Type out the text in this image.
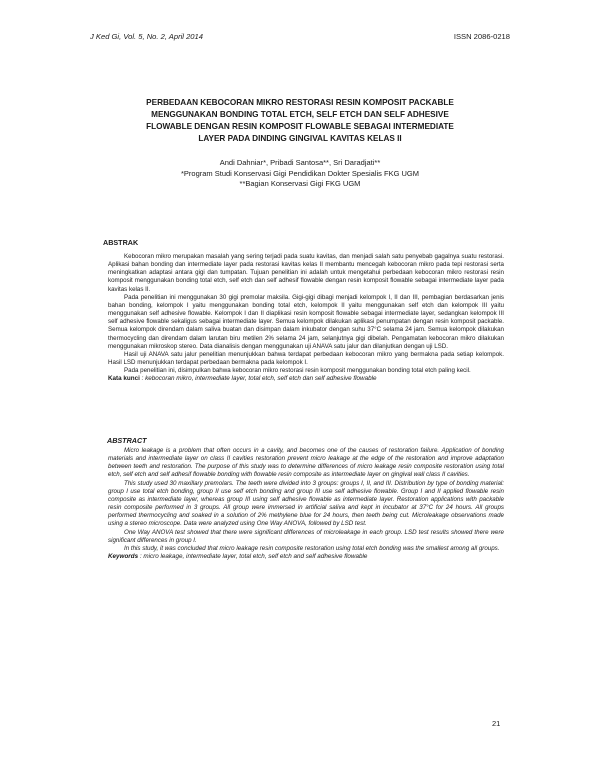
J Ked Gi, Vol. 5, No. 2, April 2014	ISSN 2086-0218
PERBEDAAN KEBOCORAN MIKRO RESTORASI RESIN KOMPOSIT PACKABLE
MENGGUNAKAN BONDING TOTAL ETCH, SELF ETCH DAN SELF ADHESIVE
FLOWABLE DENGAN RESIN KOMPOSIT FLOWABLE SEBAGAI INTERMEDIATE
LAYER PADA DINDING GINGIVAL KAVITAS KELAS II
Andi Dahniar*, Pribadi Santosa**, Sri Daradjati**
*Program Studi Konservasi Gigi Pendidikan Dokter Spesialis FKG UGM
**Bagian Konservasi Gigi FKG UGM
ABSTRAK

Kebocoran mikro merupakan masalah yang sering terjadi pada suatu kavitas, dan menjadi salah satu penyebab gagalnya suatu restorasi. Aplikasi bahan bonding dan intermediate layer pada restorasi kavitas kelas II membantu mencegah kebocoran mikro pada tepi restorasi serta meningkatkan adaptasi antara gigi dan tumpatan. Tujuan penelitian ini adalah untuk mengetahui perbedaan kebocoran mikro restorasi resin komposit menggunakan bonding total etch, self etch dan self adhesif flowable dengan resin komposit flowable sebagai intermediate layer pada kavitas kelas II.

Pada penelitian ini menggunakan 30 gigi premolar maksila. Gigi-gigi dibagi menjadi kelompok I, II dan III, pembagian berdasarkan jenis bahan bonding, kelompok I yaitu menggunakan bonding total etch, kelompok II yaitu menggunakan self etch dan kelompok III yaitu menggunakan self adhesive flowable. Kelompok I dan II diaplikasi resin komposit flowable sebagai intermediate layer, sedangkan kelompok III self adhesive flowable sekaligus sebagai intermediate layer. Semua kelompok dilakukan aplikasi penumpatan dengan resin komposit packable. Semua kelompok direndam dalam saliva buatan dan disimpan dalam inkubator dengan suhu 37°C selama 24 jam. Semua kelompok dilakukan thermocycling dan direndam dalam larutan biru metilen 2% selama 24 jam, selanjutnya gigi dibelah. Pengamatan kebocoran mikro dilakukan menggunakan mikroskop stereo. Data dianalisis dengan menggunakan uji ANAVA satu jalur dan dilanjutkan dengan uji LSD.

Hasil uji ANAVA satu jalur penelitian menunjukkan bahwa terdapat perbedaan kebocoran mikro yang bermakna pada setiap kelompok. Hasil LSD menunjukkan terdapat perbedaan bermakna pada kelompok I.

Pada penelitian ini, disimpulkan bahwa kebocoran mikro restorasi resin komposit menggunakan bonding total etch paling kecil.

Kata kunci : kebocoran mikro, intermediate layer, total etch, self etch dan self adhesive flowable

ABSTRACT

Micro leakage is a problem that often occurs in a cavity, and becomes one of the causes of restoration failure. Application of bonding materials and intermediate layer on class II cavities restoration prevent micro leakage at the edge of the restoration and improve adaptation between teeth and restoration. The purpose of this study was to determine differences of micro leakage resin composite restoration using total etch, self etch and self adhesif flowable bonding with flowable resin composite as intermediate layer on gingival wall class II cavities.

This study used 30 maxillary premolars. The teeth were divided into 3 groups: groups I, II, and III. Distribution by type of bonding material: group I use total etch bonding, group II use self etch bonding and group III use self adhesive flowable. Group I and II applied flowable resin composite as intermediate layer, whereas group III using self adhesive flowable as intermediate layer. Restoration applications with packable resin composite performed in 3 groups. All group were immersed in artificial saliva and kept in incubator at 37°C for 24 hours. All groups performed thermocycling and soaked in a solution of 2% methylene blue for 24 hours, then teeth being cut. Microleakage observations made using a stereo microscope. Data were analyzed using One Way ANOVA, followed by LSD test.

One Way ANOVA test showed that there were significant differences of microleakage in each group. LSD test results showed there were significant differences in group I.

In this study, it was concluded that micro leakage resin composite restoration using total etch bonding was the smallest among all groups.

Keywords : micro leakage, intermediate layer, total etch, self etch and self adhesive flowable

21
